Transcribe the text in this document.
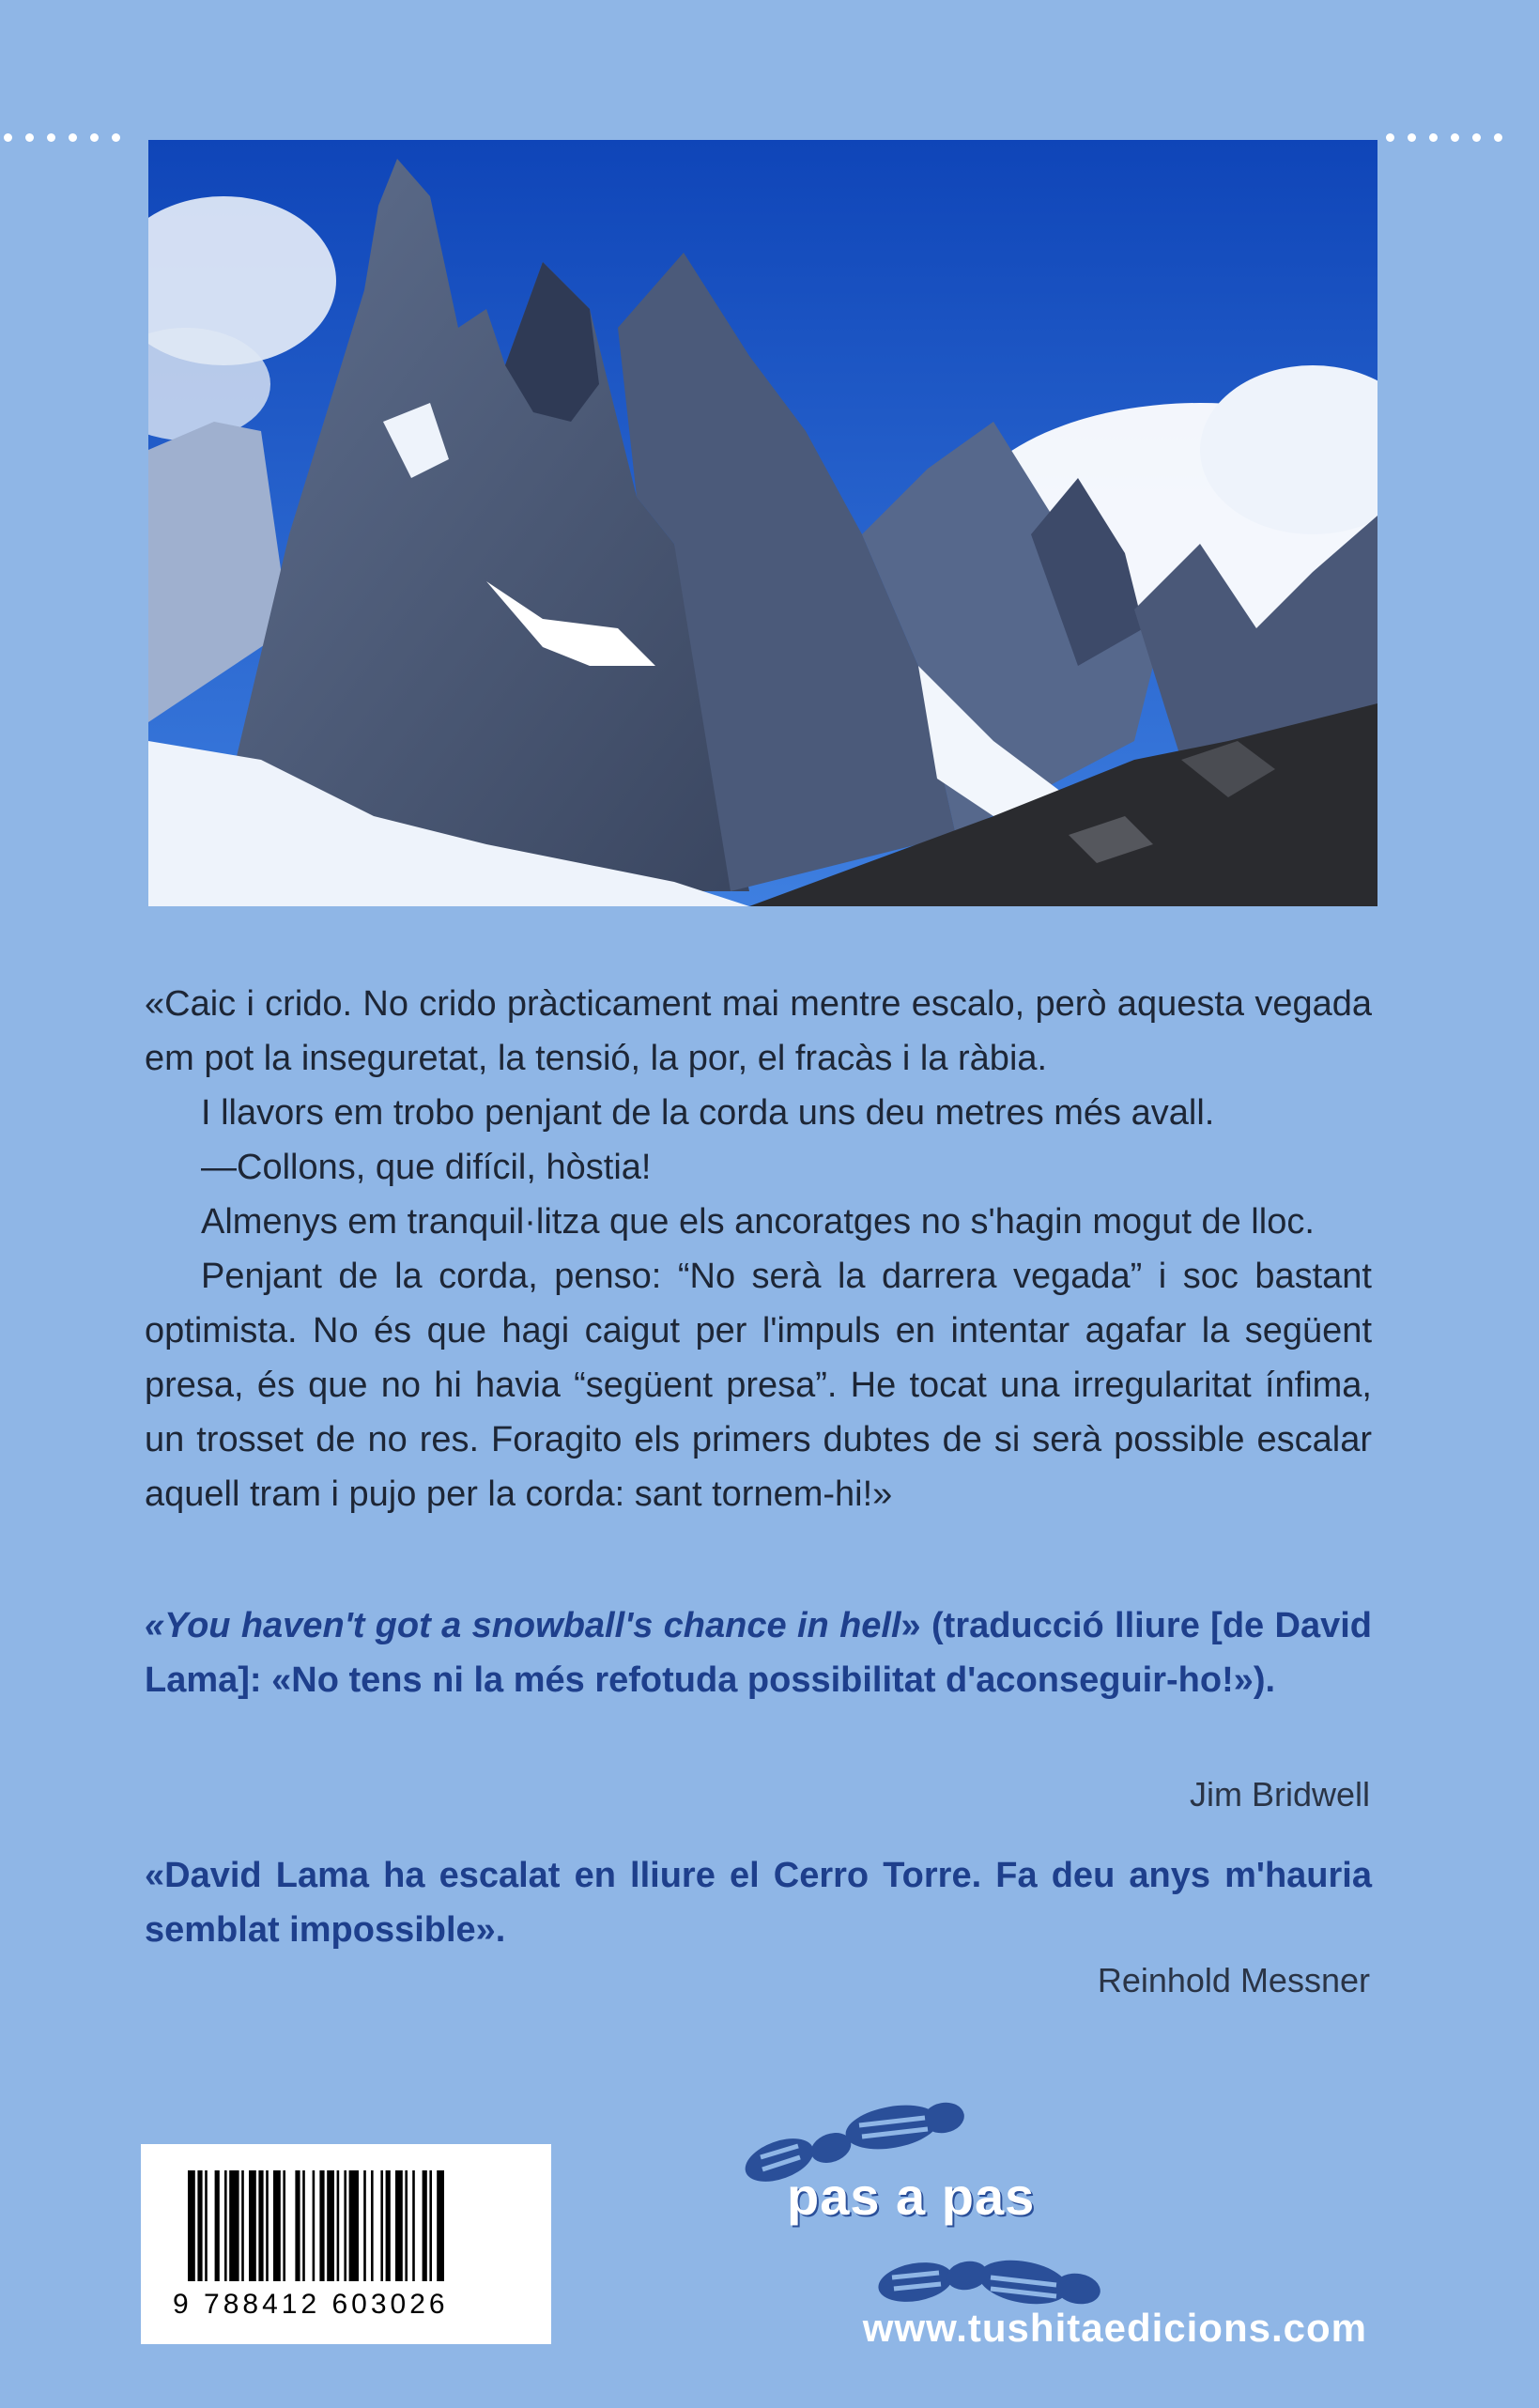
«Caic i crido. No crido pràcticament mai mentre escalo, però aquesta vegada em pot la inseguretat, la tensió, la por, el fracàs i la ràbia.

I llavors em trobo penjant de la corda uns deu metres més avall.

—Collons, que difícil, hòstia!

Almenys em tranquil·litza que els ancoratges no s'hagin mogut de lloc.

Penjant de la corda, penso: “No serà la darrera vegada” i soc bastant optimista. No és que hagi caigut per l'impuls en intentar agafar la següent presa, és que no hi havia “següent presa”. He tocat una irregularitat ínfima, un trosset de no res. Foragito els primers dubtes de si serà possible escalar aquell tram i pujo per la corda: sant tornem-hi!»

«You haven't got a snowball's chance in hell» (traducció lliure [de David Lama]: «No tens ni la més refotuda possibilitat d'aconseguir-ho!»).
Jim Bridwell
«David Lama ha escalat en lliure el Cerro Torre. Fa deu anys m'hauria semblat impossible».
Reinhold Messner
9 788412 603026
pas a pas
www.tushitaedicions.com
